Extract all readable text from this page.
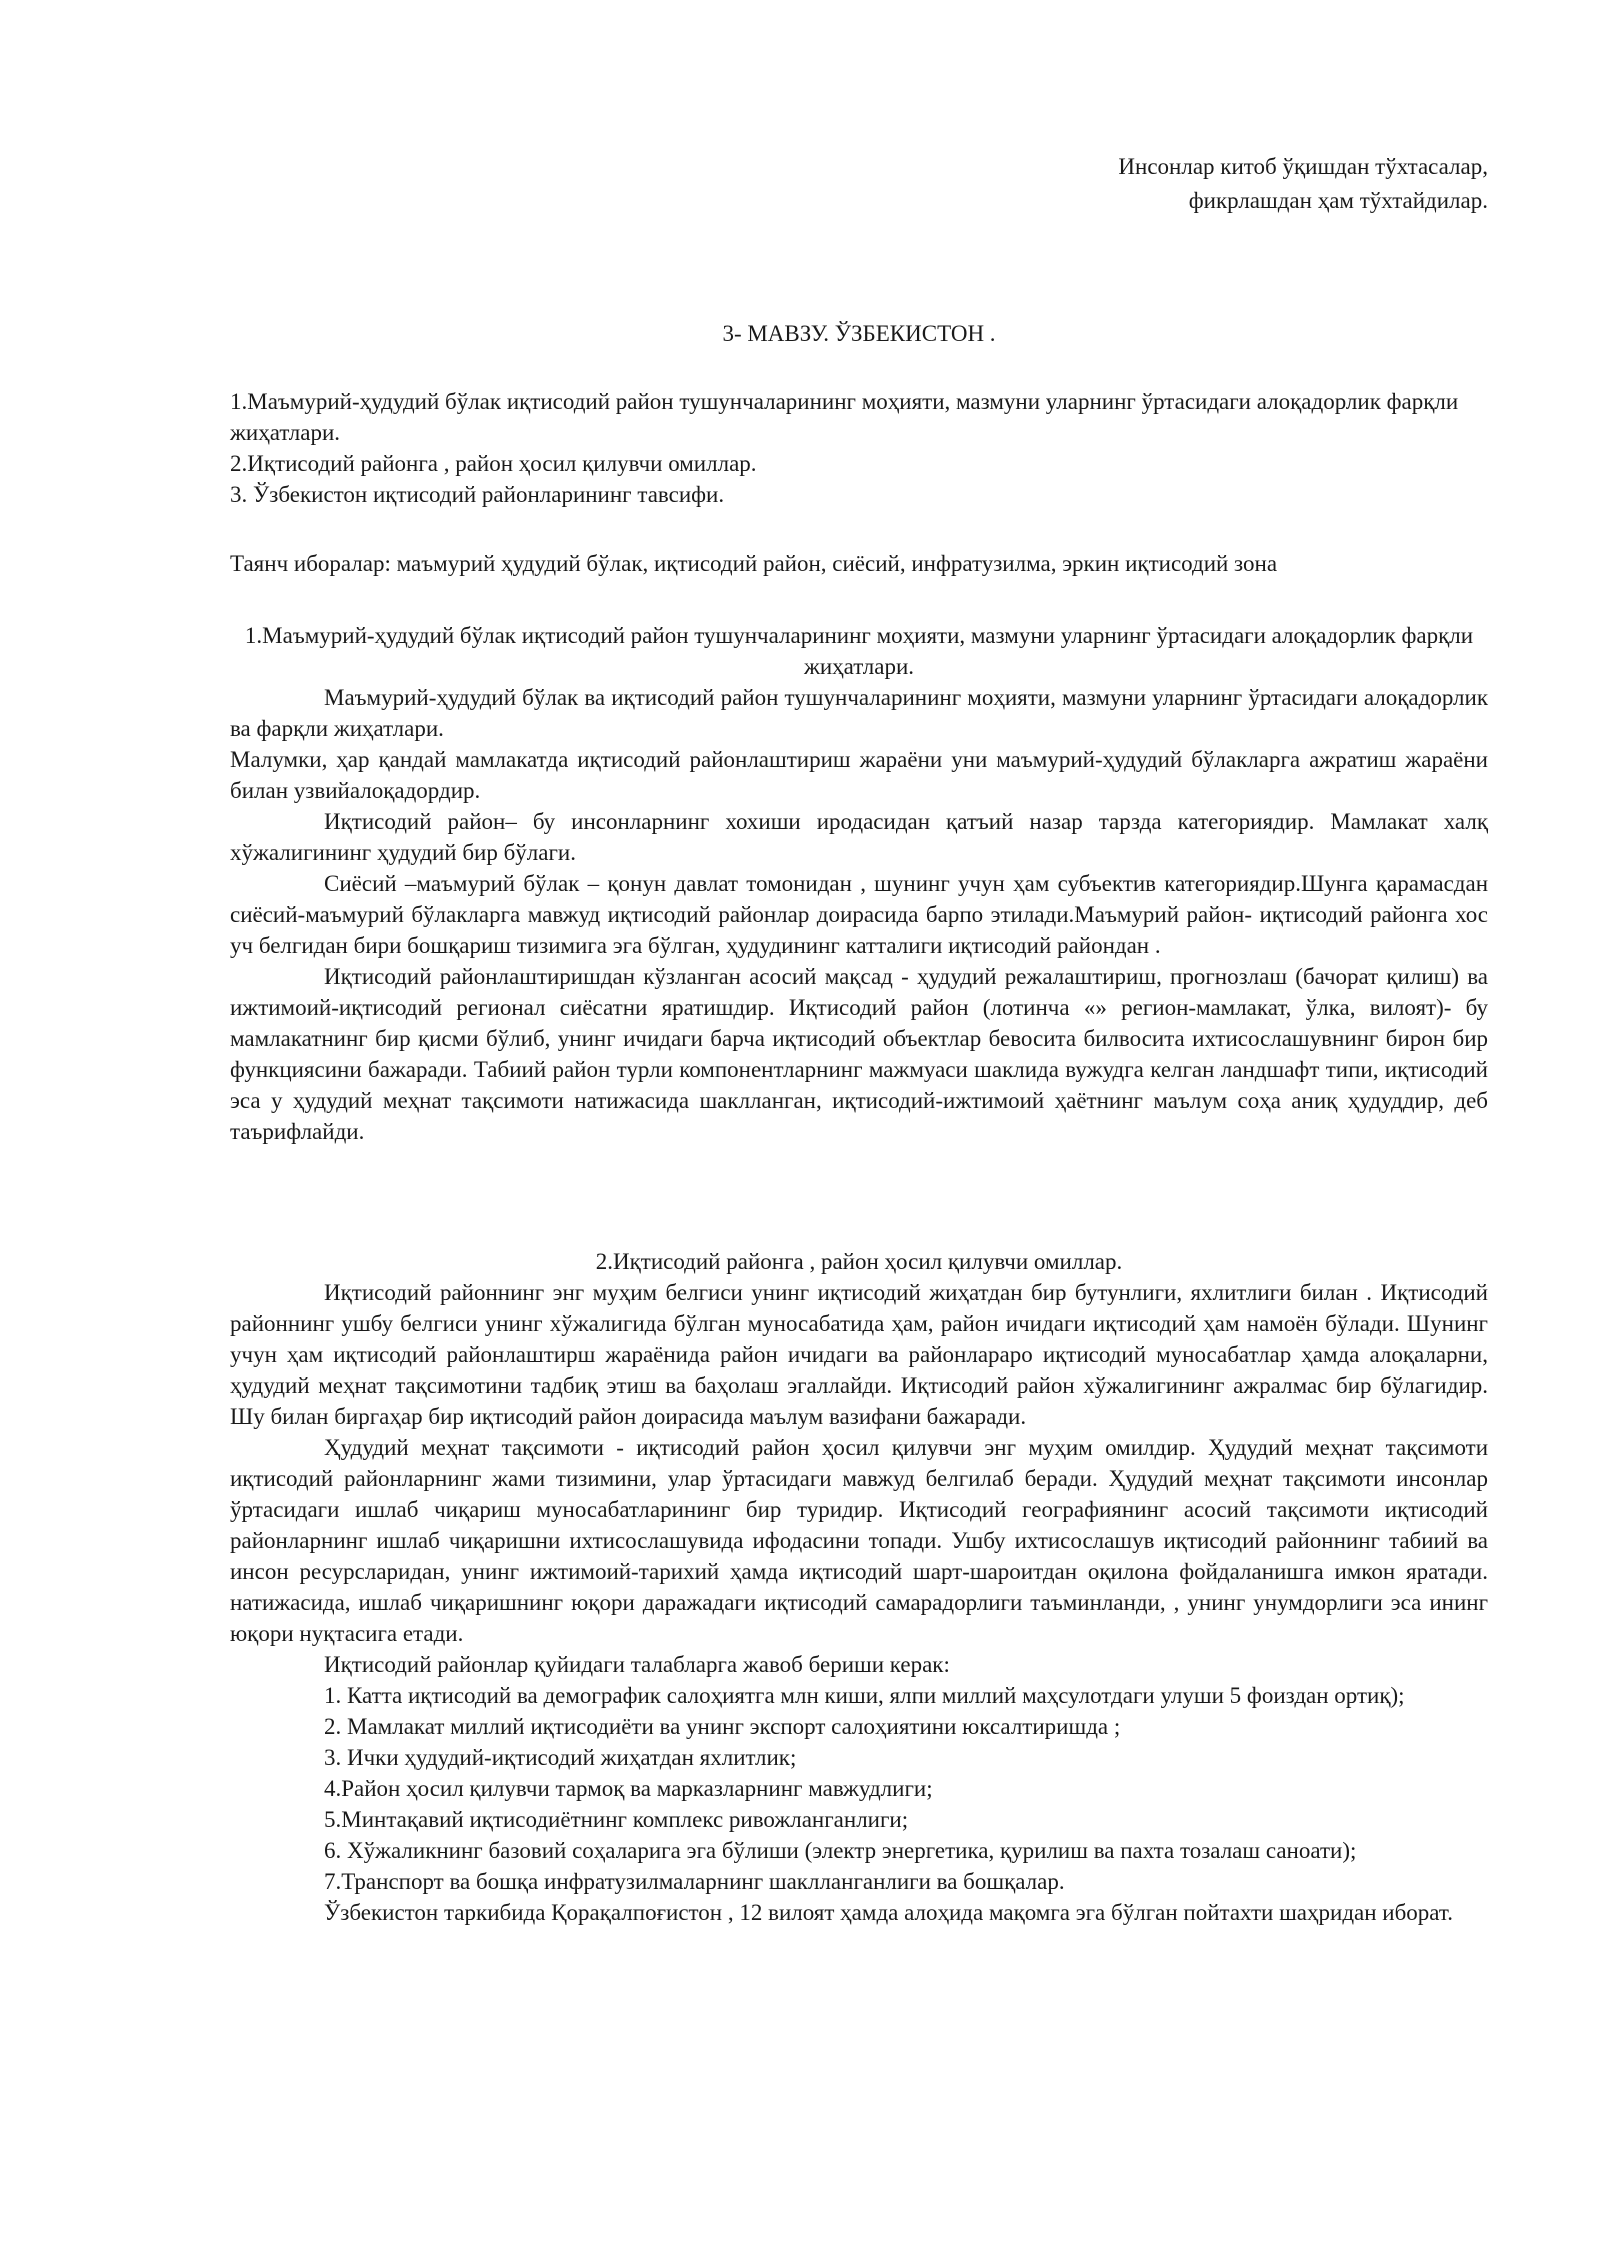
Инсонлар китоб ўқишдан тўхтасалар,
фикрлашдан ҳам тўхтайдилар.
3- МАВЗУ. ЎЗБЕКИСТОН .

1.Маъмурий-ҳудудий бўлак иқтисодий район тушунчаларининг моҳияти, мазмуни уларнинг ўртасидаги алоқадорлик фарқли жиҳатлари.

2.Иқтисодий районга , район ҳосил қилувчи омиллар.

3. Ўзбекистон иқтисодий районларининг тавсифи.

Таянч иборалар: маъмурий ҳудудий бўлак, иқтисодий район, сиёсий, инфратузилма, эркин иқтисодий зона

1.Маъмурий-ҳудудий бўлак иқтисодий район тушунчаларининг моҳияти, мазмуни уларнинг ўртасидаги алоқадорлик фарқли жиҳатлари.

Маъмурий-ҳудудий бўлак ва иқтисодий район тушунчаларининг моҳияти, мазмуни уларнинг ўртасидаги алоқадорлик ва фарқли жиҳатлари.

Малумки, ҳар қандай мамлакатда иқтисодий районлаштириш жараёни уни маъмурий-ҳудудий бўлакларга ажратиш жараёни билан узвийалоқадордир.

Иқтисодий район– бу инсонларнинг хохиши иродасидан қатъий назар тарзда категориядир. Мамлакат халқ хўжалигининг ҳудудий бир бўлаги.

Сиёсий –маъмурий бўлак – қонун давлат томонидан , шунинг учун ҳам субъектив категориядир.Шунга қарамасдан сиёсий-маъмурий бўлакларга мавжуд иқтисодий районлар доирасида барпо этилади.Маъмурий район- иқтисодий районга хос уч белгидан бири бошқариш тизимига эга бўлган, ҳудудининг катталиги иқтисодий райондан .

Иқтисодий районлаштиришдан кўзланган асосий мақсад - ҳудудий режалаштириш, прогнозлаш (бачорат қилиш) ва ижтимоий-иқтисодий регионал сиёсатни яратишдир. Иқтисодий район (лотинча «» регион-мамлакат, ўлка, вилоят)- бу мамлакатнинг бир қисми бўлиб, унинг ичидаги барча иқтисодий объектлар бевосита билвосита ихтисослашувнинг бирон бир функциясини бажаради. Табиий район турли компонентларнинг мажмуаси шаклида вужудга келган ландшафт типи, иқтисодий эса у ҳудудий меҳнат тақсимоти натижасида шаклланган, иқтисодий-ижтимоий ҳаётнинг маълум соҳа аниқ ҳудуддир, деб таърифлайди.

2.Иқтисодий районга , район ҳосил қилувчи омиллар.

Иқтисодий районнинг энг муҳим белгиси унинг иқтисодий жиҳатдан бир бутунлиги, яхлитлиги билан . Иқтисодий районнинг ушбу белгиси унинг хўжалигида бўлган муносабатида ҳам, район ичидаги иқтисодий ҳам намоён бўлади. Шунинг учун ҳам иқтисодий районлаштирш жараёнида район ичидаги ва районлараро иқтисодий муносабатлар ҳамда алоқаларни, ҳудудий меҳнат тақсимотини тадбиқ этиш ва баҳолаш эгаллайди. Иқтисодий район хўжалигининг ажралмас бир бўлагидир. Шу билан биргаҳар бир иқтисодий район доирасида маълум вазифани бажаради.

Ҳудудий меҳнат тақсимоти - иқтисодий район ҳосил қилувчи энг муҳим омилдир. Ҳудудий меҳнат тақсимоти иқтисодий районларнинг жами тизимини, улар ўртасидаги мавжуд белгилаб беради. Ҳудудий меҳнат тақсимоти инсонлар ўртасидаги ишлаб чиқариш муносабатларининг бир туридир. Иқтисодий географиянинг асосий тақсимоти иқтисодий районларнинг ишлаб чиқаришни ихтисослашувида ифодасини топади. Ушбу ихтисослашув иқтисодий районнинг табиий ва инсон ресурсларидан, унинг ижтимоий-тарихий ҳамда иқтисодий шарт-шароитдан оқилона фойдаланишга имкон яратади. натижасида, ишлаб чиқаришнинг юқори даражадаги иқтисодий самарадорлиги таъминланди, , унинг унумдорлиги эса ининг юқори нуқтасига етади.

Иқтисодий районлар қуйидаги талабларга жавоб бериши керак:

1. Катта иқтисодий ва демографик салоҳиятга млн киши, ялпи миллий маҳсулотдаги улуши 5 фоиздан ортиқ);

2. Мамлакат миллий иқтисодиёти ва унинг экспорт салоҳиятини юксалтиришда ;

3. Ички ҳудудий-иқтисодий жиҳатдан яхлитлик;

4.Район ҳосил қилувчи тармоқ ва марказларнинг мавжудлиги;

5.Минтақавий иқтисодиётнинг комплекс ривожланганлиги;

6. Хўжаликнинг базовий соҳаларига эга бўлиши (электр энергетика, қурилиш ва пахта тозалаш саноати);

7.Транспорт ва бошқа инфратузилмаларнинг шаклланганлиги ва бошқалар.

Ўзбекистон таркибида Қорақалпоғистон , 12 вилоят ҳамда алоҳида мақомга эга бўлган пойтахти шаҳридан иборат.
